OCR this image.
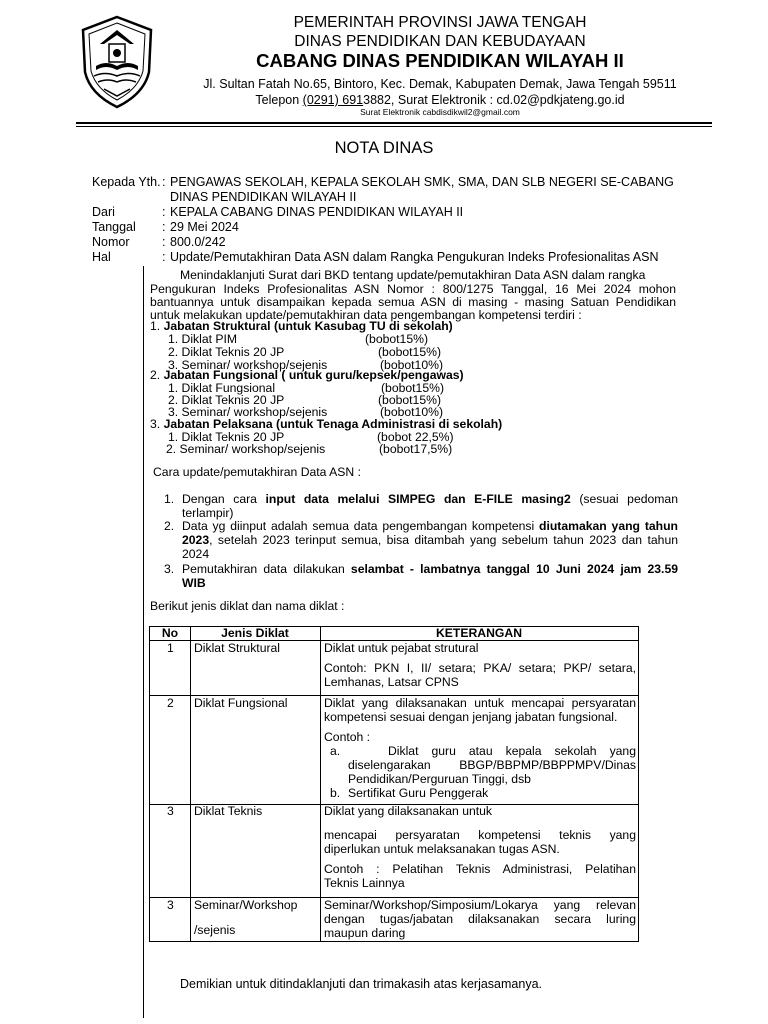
PEMERINTAH PROVINSI JAWA TENGAH
DINAS PENDIDIKAN DAN KEBUDAYAAN
CABANG DINAS PENDIDIKAN WILAYAH II
Jl. Sultan Fatah No.65, Bintoro, Kec. Demak, Kabupaten Demak, Jawa Tengah 59511
Telepon (0291) 6913882, Surat Elektronik : cd.02@pdkjateng.go.id
Surat Elektronik cabdisdikwil2@gmail.com
NOTA DINAS
Kepada Yth. : PENGAWAS SEKOLAH, KEPALA SEKOLAH SMK, SMA, DAN SLB NEGERI SE-CABANG
DINAS PENDIDIKAN WILAYAH II
Dari	: KEPALA CABANG DINAS PENDIDIKAN WILAYAH II
Tanggal	: 29 Mei 2024
Nomor	: 800.0/242
Hal	: Update/Pemutakhiran Data ASN dalam Rangka Pengukuran Indeks Profesionalitas ASN
Menindaklanjuti Surat dari BKD tentang update/pemutakhiran Data ASN dalam rangka
Pengukuran Indeks Profesionalitas ASN Nomor : 800/1275 Tanggal, 16 Mei 2024 mohon
bantuannya untuk disampaikan kepada semua ASN di masing - masing Satuan Pendidikan
untuk melakukan update/pemutakhiran data pengembangan kompetensi terdiri :
1. Jabatan Struktural (untuk Kasubag TU di sekolah)
1. Diklat PIM	(bobot15%)
2. Diklat Teknis 20 JP	(bobot15%)
3. Seminar/ workshop/sejenis	(bobot10%)
2. Jabatan Fungsional ( untuk guru/kepsek/pengawas)
1. Diklat Fungsional	(bobot15%)
2. Diklat Teknis 20 JP	(bobot15%)
3. Seminar/ workshop/sejenis	(bobot10%)
3. Jabatan Pelaksana (untuk Tenaga Administrasi di sekolah)
1. Diklat Teknis 20 JP	(bobot 22,5%)
2. Seminar/ workshop/sejenis	(bobot17,5%)
Cara update/pemutakhiran Data ASN :
1. Dengan cara input data melalui SIMPEG dan E-FILE masing2 (sesuai pedoman
terlampir)
2. Data yg diinput adalah semua data pengembangan kompetensi diutamakan yang tahun
2023, setelah 2023 terinput semua, bisa ditambah yang sebelum tahun 2023 dan tahun
2024
3. Pemutakhiran data dilakukan selambat - lambatnya tanggal 10 Juni 2024 jam 23.59
WIB
Berikut jenis diklat dan nama diklat :
No	Jenis Diklat	KETERANGAN
1 Diklat Struktural	Diklat untuk pejabat strutural
Contoh: PKN I, II/ setara; PKA/ setara; PKP/ setara,
Lemhanas, Latsar CPNS
2 Diklat Fungsional	Diklat yang dilaksanakan untuk mencapai persyaratan
kompetensi sesuai dengan jenjang jabatan fungsional.
Contoh :
a.	Diklat guru atau kepala sekolah yang
diselengarakan BBGP/BBPMP/BBPPMPV/Dinas
Pendidikan/Perguruan Tinggi, dsb
b. Sertifikat Guru Penggerak
3 Diklat Teknis	Diklat yang dilaksanakan untuk
mencapai persyaratan kompetensi teknis yang
diperlukan untuk melaksanakan tugas ASN.
Contoh : Pelatihan Teknis Administrasi, Pelatihan
Teknis Lainnya
3 Seminar/Workshop
/sejenis
Seminar/Workshop/Simposium/Lokarya yang relevan
dengan tugas/jabatan dilaksanakan secara luring
maupun daring
Demikian untuk ditindaklanjuti dan trimakasih atas kerjasamanya.
